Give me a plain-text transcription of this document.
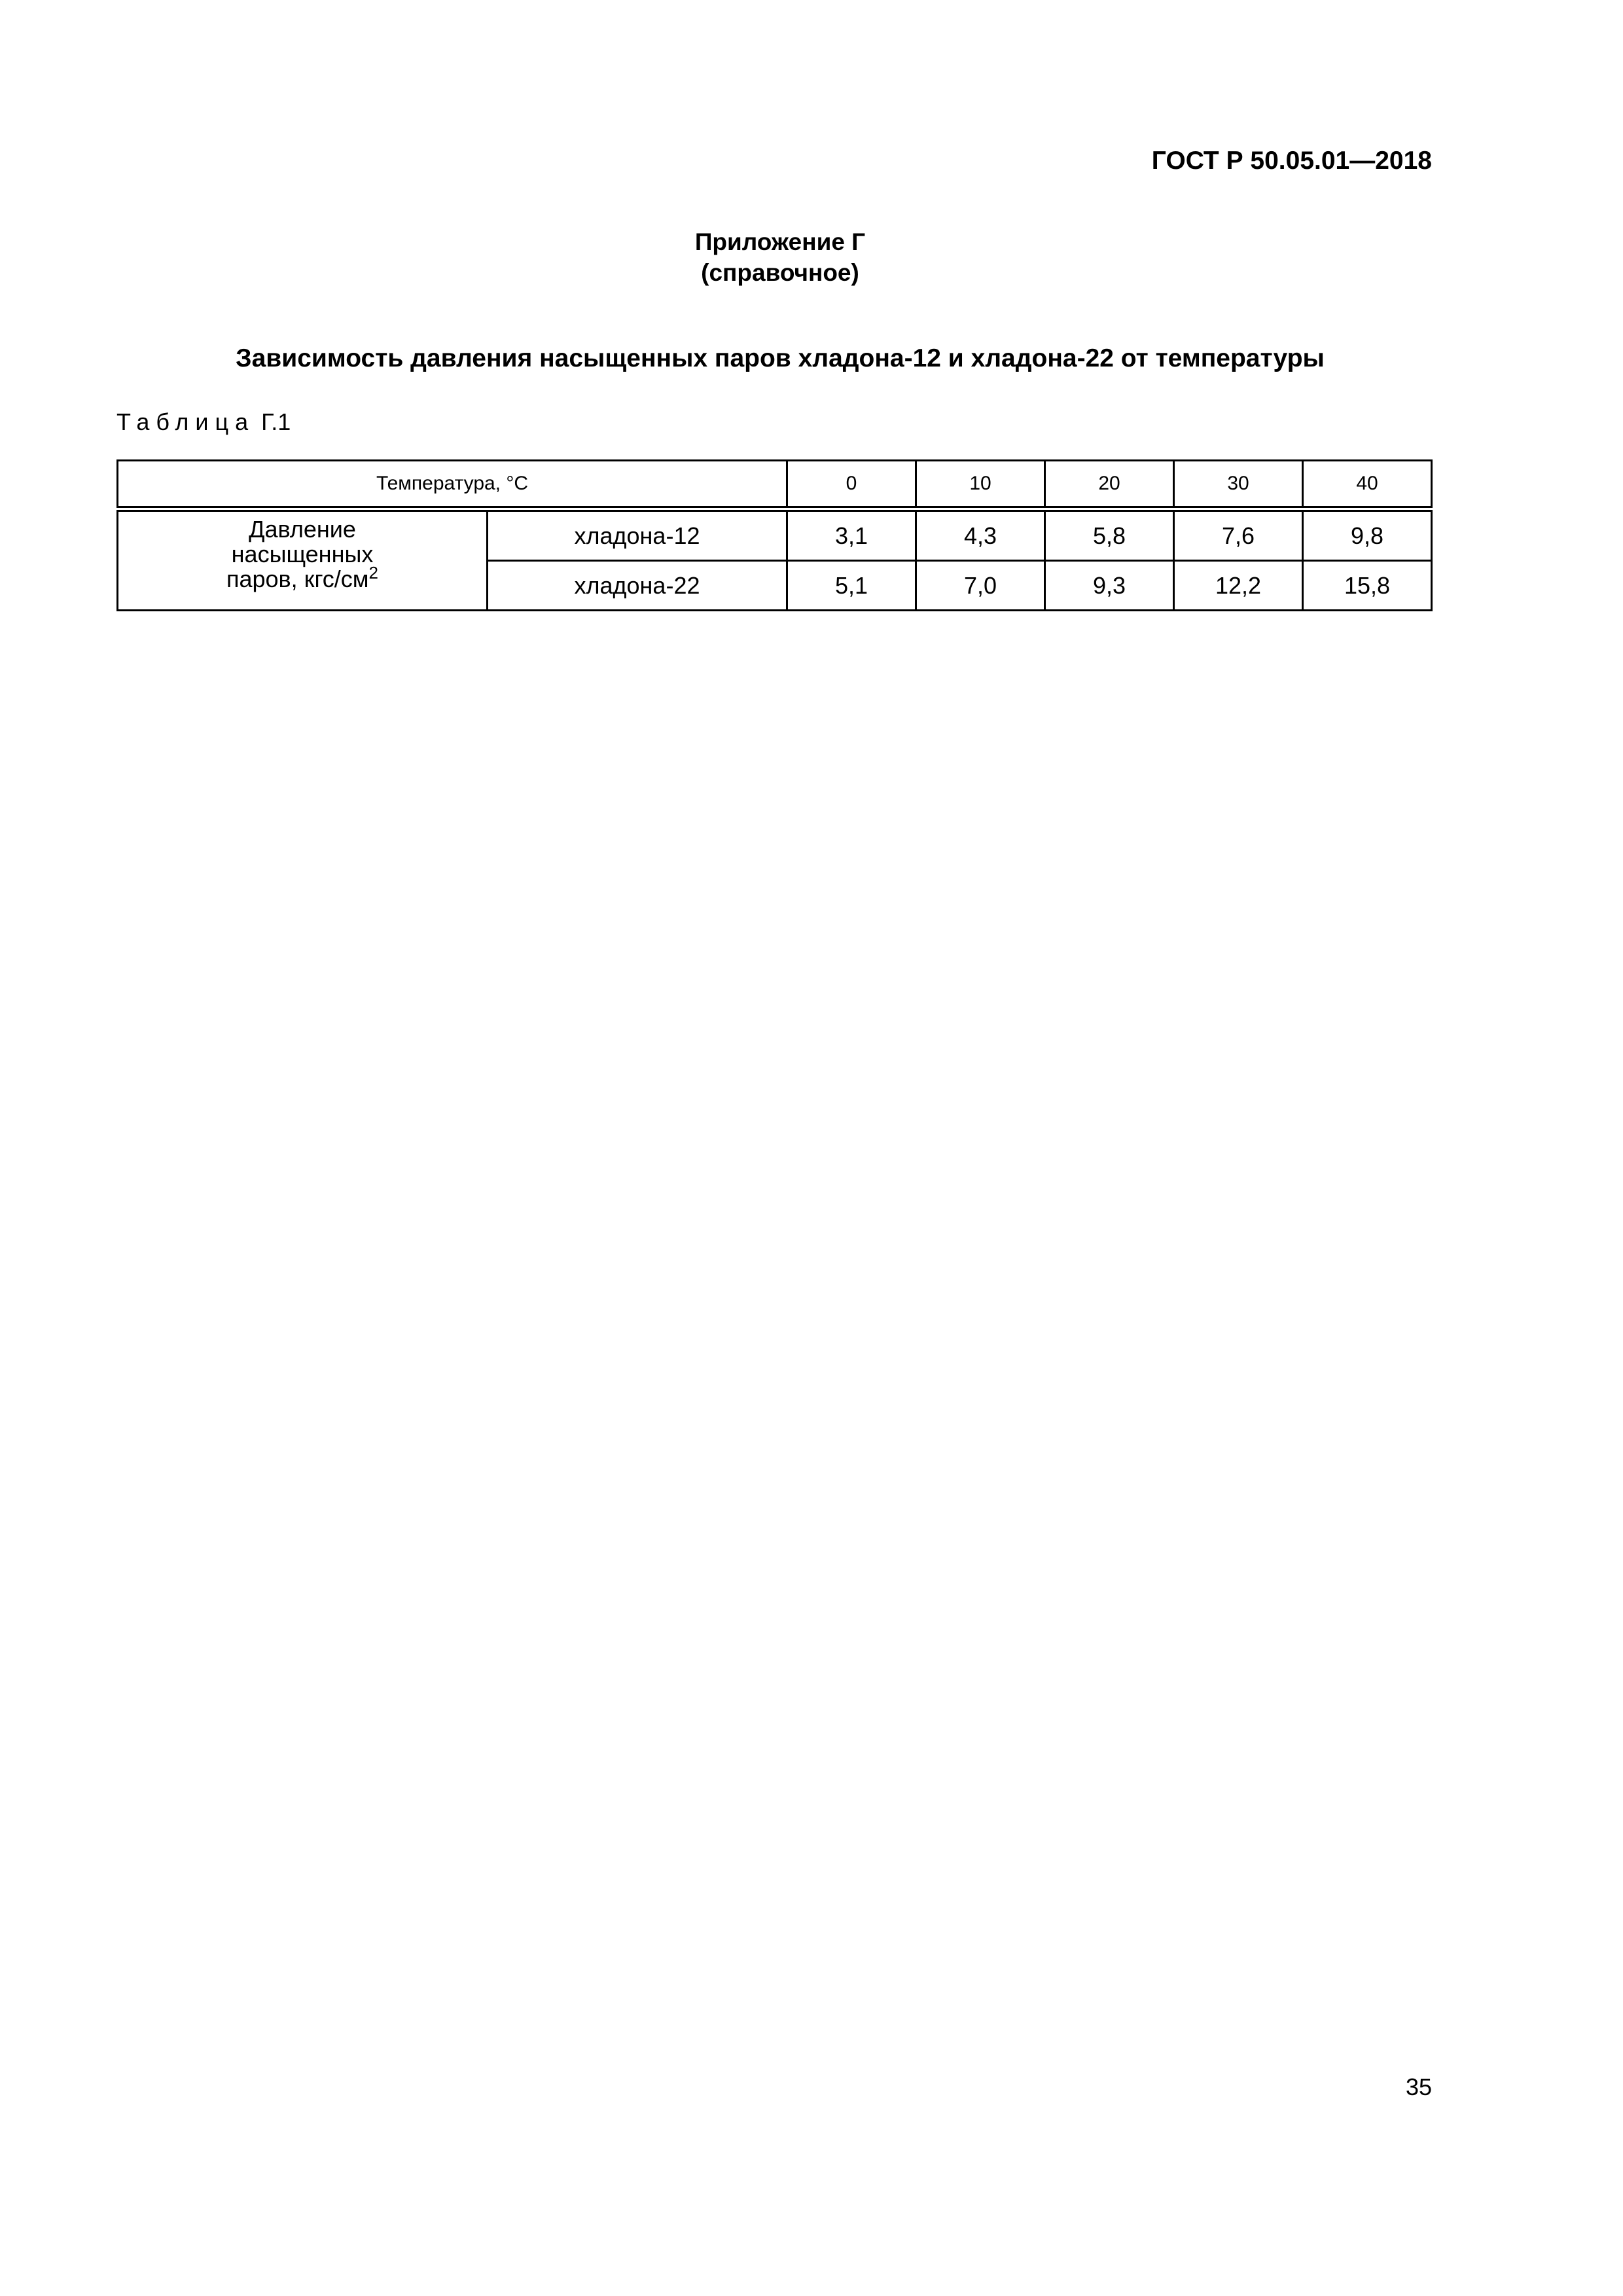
ГОСТ Р 50.05.01—2018
Приложение Г
(справочное)
Зависимость давления насыщенных паров хладона-12 и хладона-22 от температуры
Таблица Г.1
Температура, °С		0	10	20	30	40

Давление
насыщенных
паров, кгс/$см^2$	хладона-12	3,1	4,3	5,8	7,6	9,8
	хладона-22	5,1	7,0	9,3	12,2	15,8
35
